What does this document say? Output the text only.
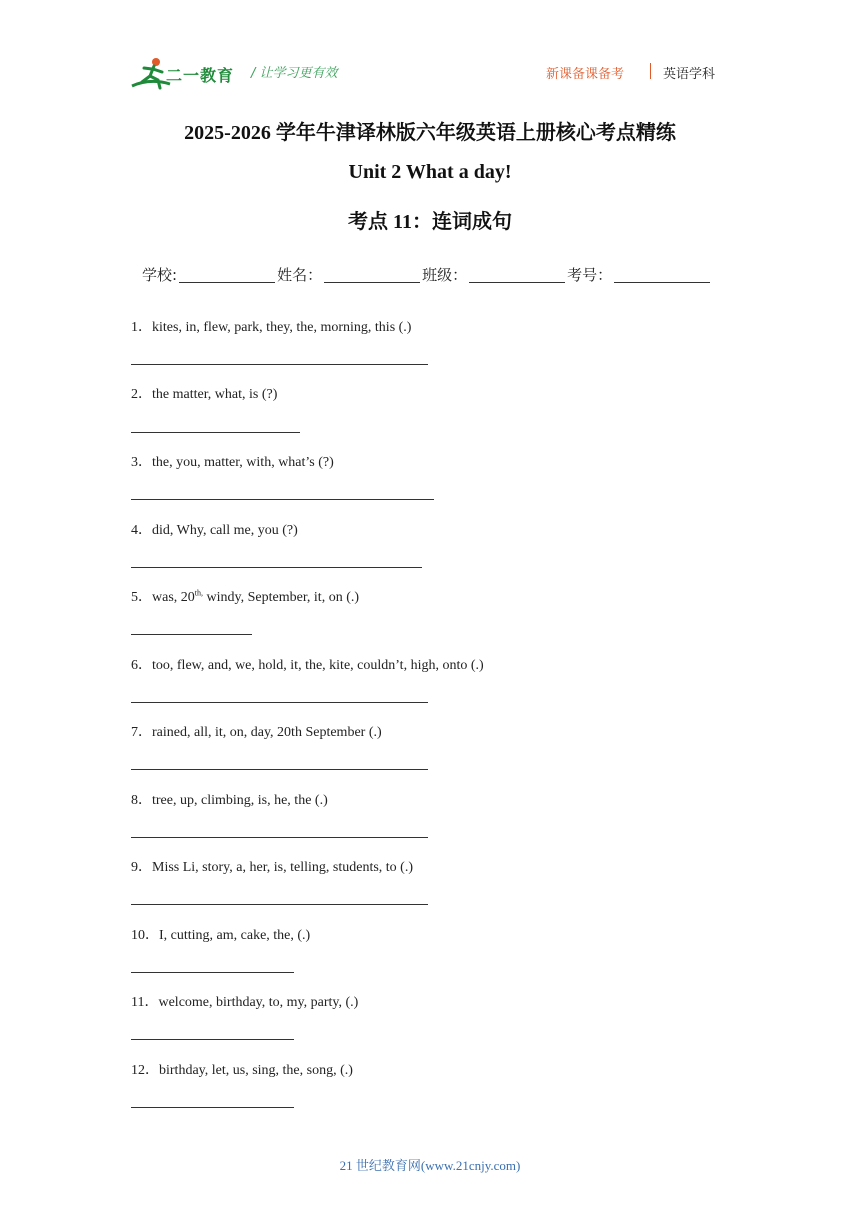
二一教育 / 让学习更有效	新课备课备考	英语学科
2025-2026 学年牛津译林版六年级英语上册核心考点精练
Unit 2 What a day!
考点 11：连词成句
学校:	姓名：	班级：	考号：
1．kites, in, flew, park, they, the, morning, this (.)
2．the matter, what, is (?)
3．the, you, matter, with, what’s (?)
4．did, Why, call me, you (?)
5．was, $20^{th,}$ windy, September, it, on (.)
6．too, flew, and, we, hold, it, the, kite, couldn’t, high, onto (.)
7．rained, all, it, on, day, 20th September (.)
8．tree, up, climbing, is, he, the (.)
9．Miss Li, story, a, her, is, telling, students, to (.)
10．I, cutting, am, cake, the, (.)
11．welcome, birthday, to, my, party, (.)
12．birthday, let, us, sing, the, song, (.)
21 世纪教育网(www.21cnjy.com)
